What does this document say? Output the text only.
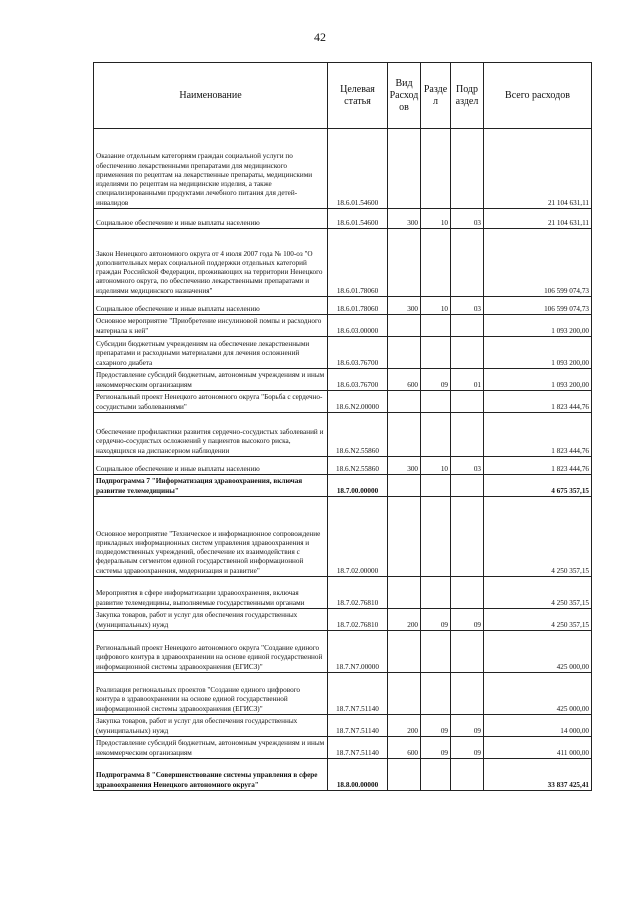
42
Наименование	Целевая статья	Вид Расход ов	Разде л	Подр аздел	Всего расходов
Оказание отдельным категориям граждан социальной услуги по обеспечению лекарственными препаратами для медицинского применения по рецептам на лекарственные препараты, медицинскими изделиями по рецептам на медицинские изделия, а также специализированными продуктами лечебного питания для детей-инвалидов	18.6.01.54600				21 104 631,11
Социальное обеспечение и иные выплаты населению	18.6.01.54600	300	10	03	21 104 631,11
Закон Ненецкого автономного округа от 4 июля 2007 года № 100-оз "О дополнительных мерах социальной поддержки отдельных категорий граждан Российской Федерации, проживающих на территории Ненецкого автономного округа, по обеспечению лекарственными препаратами и изделиями медицинского назначения"	18.6.01.78060				106 599 074,73
Социальное обеспечение и иные выплаты населению	18.6.01.78060	300	10	03	106 599 074,73
Основное мероприятие "Приобретение инсулиновой помпы и расходного материала к ней"	18.6.03.00000				1 093 200,00
Субсидии бюджетным учреждениям на обеспечение лекарственными препаратами и расходными материалами для лечения осложнений сахарного диабета	18.6.03.76700				1 093 200,00
Предоставление субсидий бюджетным, автономным учреждениям и иным некоммерческим организациям	18.6.03.76700	600	09	01	1 093 200,00
Региональный проект Ненецкого автономного округа "Борьба с сердечно-сосудистыми заболеваниями"	18.6.N2.00000				1 823 444,76
Обеспечение профилактики развития сердечно-сосудистых заболеваний и сердечно-сосудистых осложнений у пациентов высокого риска, находящихся на диспансерном наблюдении	18.6.N2.55860				1 823 444,76
Социальное обеспечение и иные выплаты населению	18.6.N2.55860	300	10	03	1 823 444,76
Подпрограмма 7 "Информатизация здравоохранения, включая развитие телемедицины"	18.7.00.00000				4 675 357,15
Основное мероприятие "Техническое и информационное сопровождение прикладных информационных систем управления здравоохранения и подведомственных учреждений, обеспечение их взаимодействия с федеральным сегментом единой государственной информационной системы здравоохранения, модернизация и развитие"	18.7.02.00000				4 250 357,15
Мероприятия в сфере информатизации здравоохранения, включая развитие телемедицины, выполняемые государственными органами	18.7.02.76810				4 250 357,15
Закупка товаров, работ и услуг для обеспечения государственных (муниципальных) нужд	18.7.02.76810	200	09	09	4 250 357,15
Региональный проект Ненецкого автономного округа "Создание единого цифрового контура в здравоохранении на основе единой государственной информационной системы здравоохранения (ЕГИСЗ)"	18.7.N7.00000				425 000,00
Реализация региональных проектов "Создание единого цифрового контура в здравоохранении на основе единой государственной информационной системы здравоохранения (ЕГИСЗ)"	18.7.N7.51140				425 000,00
Закупка товаров, работ и услуг для обеспечения государственных (муниципальных) нужд	18.7.N7.51140	200	09	09	14 000,00
Предоставление субсидий бюджетным, автономным учреждениям и иным некоммерческим организациям	18.7.N7.51140	600	09	09	411 000,00
Подпрограмма 8 "Совершенствование системы управления в сфере здравоохранения Ненецкого автономного округа"	18.8.00.00000				33 837 425,41
